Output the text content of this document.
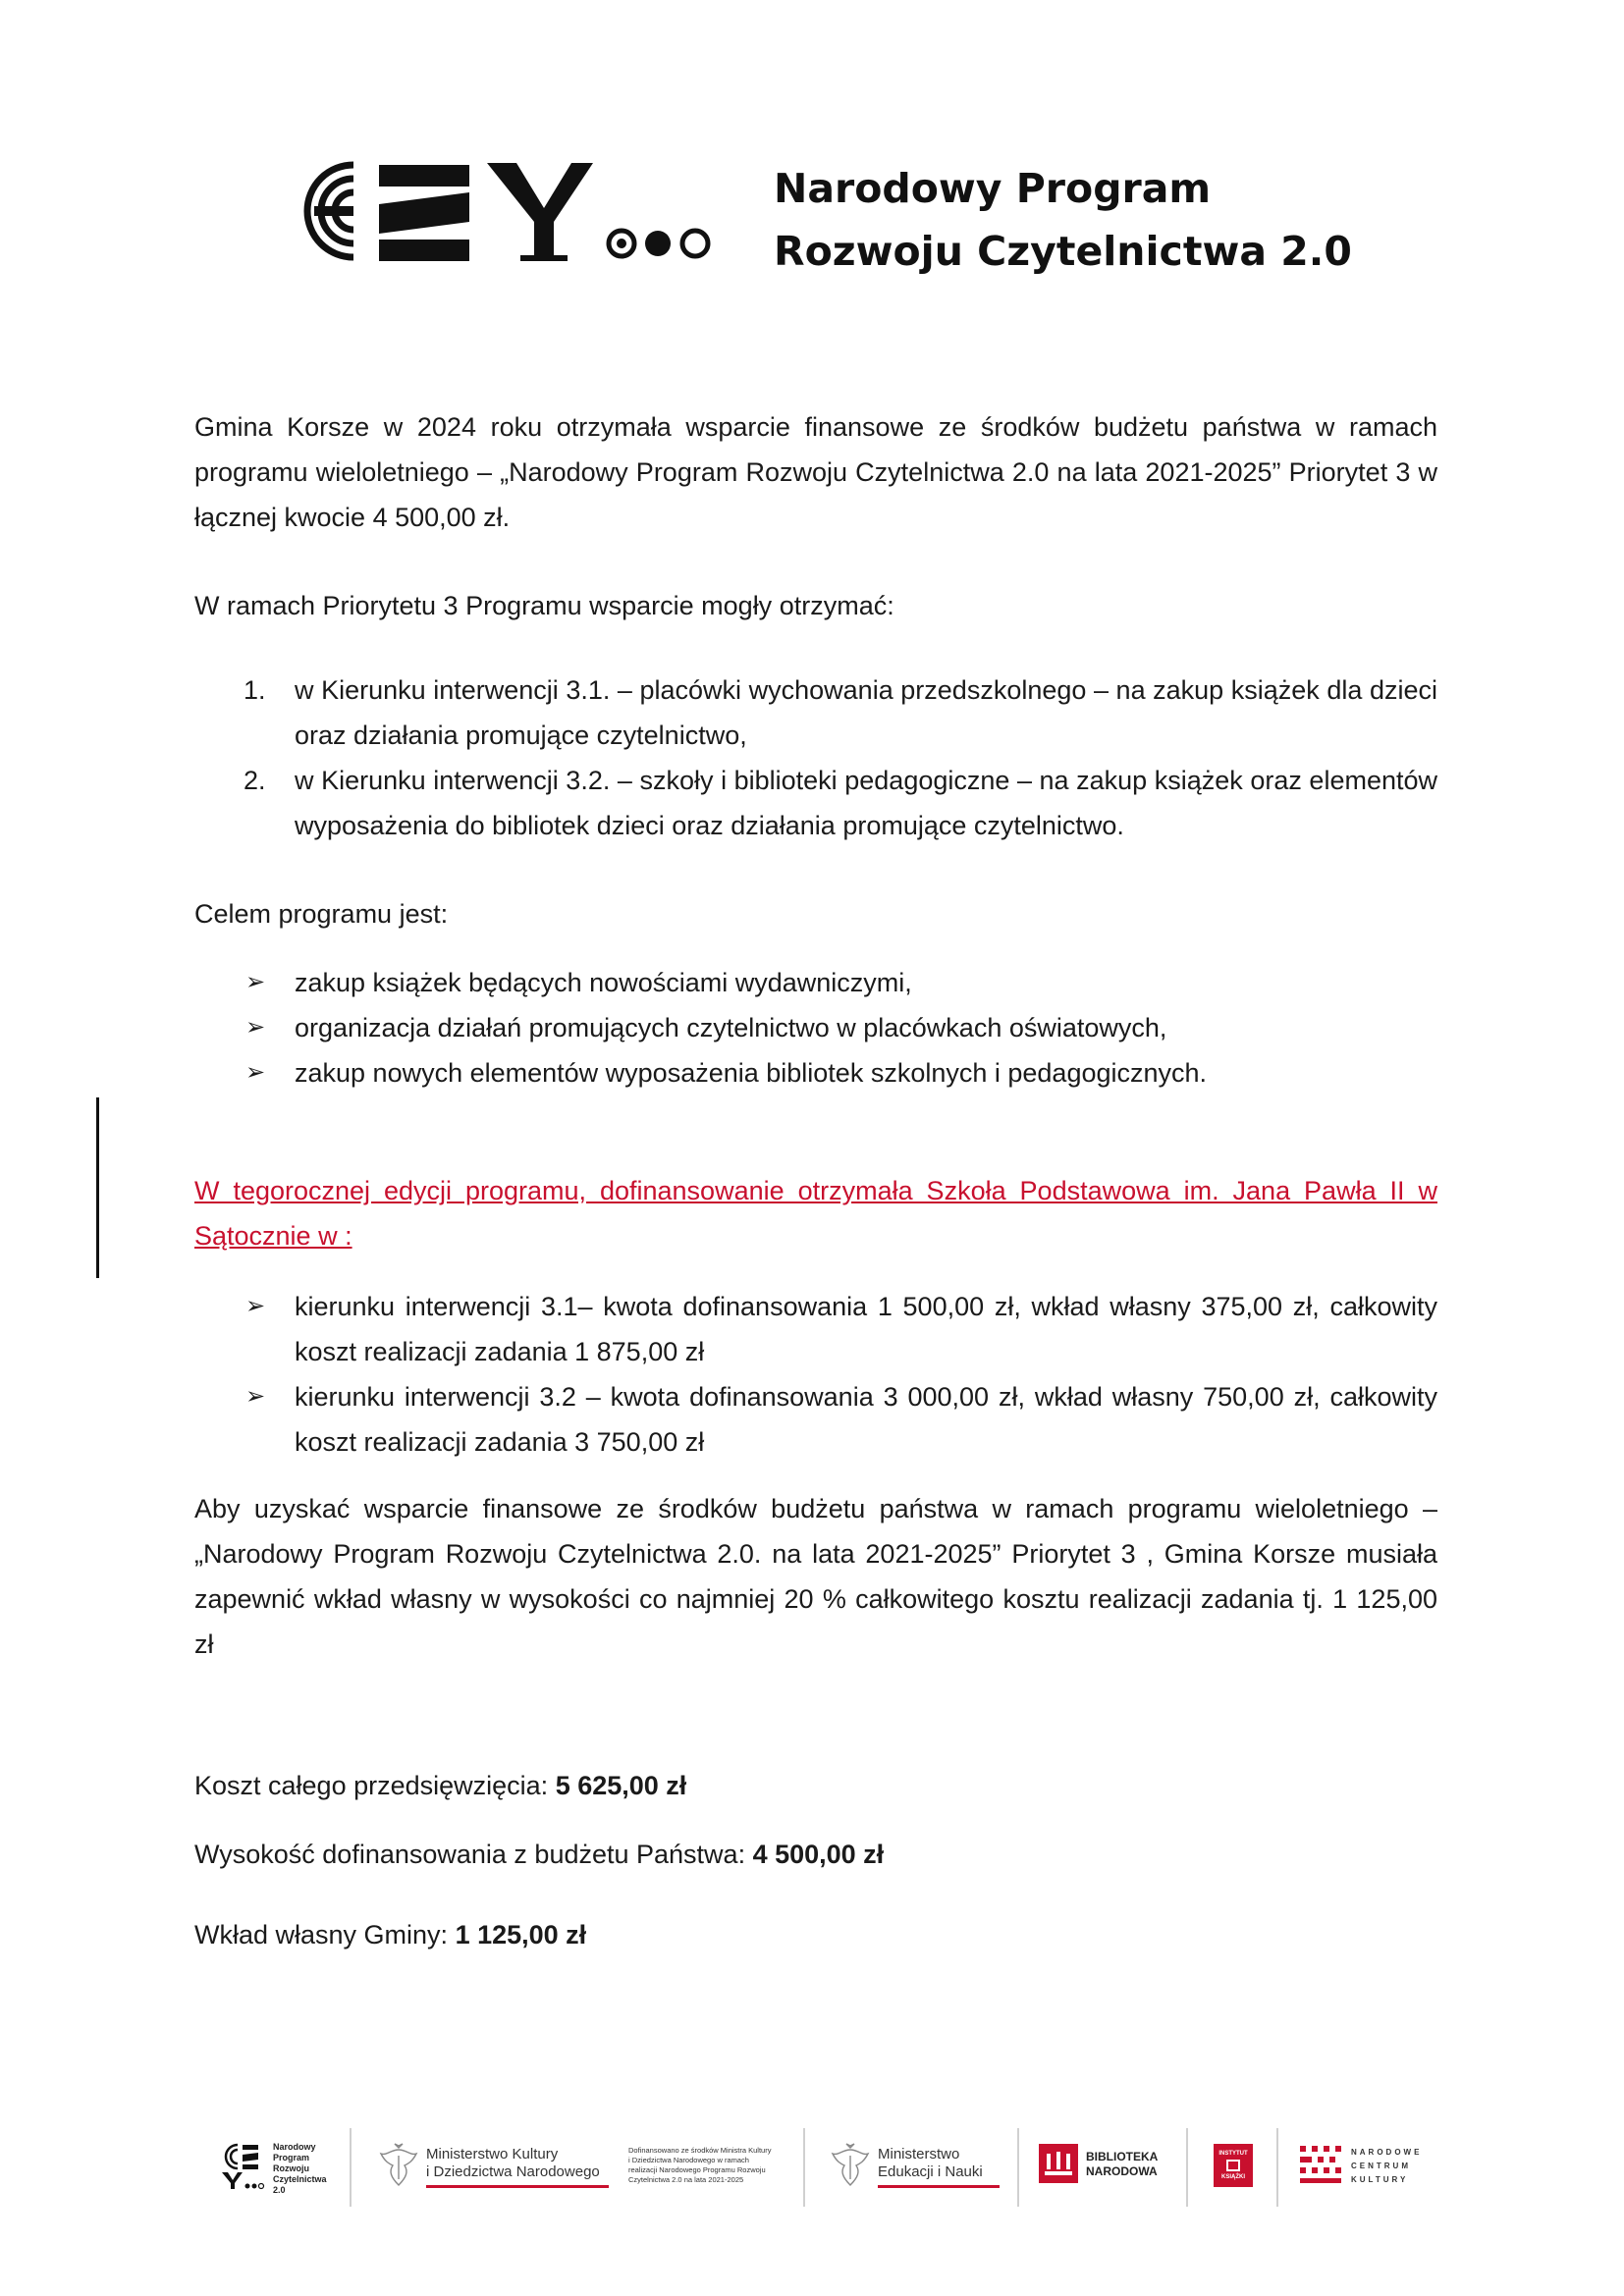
Narodowy Program
Rozwoju Czytelnictwa 2.0

Gmina Korsze w 2024 roku otrzymała wsparcie finansowe ze środków budżetu państwa w ramach programu wieloletniego – „Narodowy Program Rozwoju Czytelnictwa 2.0 na lata 2021-2025” Priorytet 3 w łącznej kwocie 4 500,00 zł.

W ramach Priorytetu 3 Programu wsparcie mogły otrzymać:

1. w Kierunku interwencji 3.1. – placówki wychowania przedszkolnego – na zakup książek dla dzieci oraz działania promujące czytelnictwo,
2. w Kierunku interwencji 3.2. – szkoły i biblioteki pedagogiczne – na zakup książek oraz elementów wyposażenia do bibliotek dzieci oraz działania promujące czytelnictwo.

Celem programu jest:

➢ zakup książek będących nowościami wydawniczymi,
➢ organizacja działań promujących czytelnictwo w placówkach oświatowych,
➢ zakup nowych elementów wyposażenia bibliotek szkolnych i pedagogicznych.

W tegorocznej edycji programu, dofinansowanie otrzymała Szkoła Podstawowa im. Jana Pawła II w Sątocznie w :

➢ kierunku interwencji 3.1– kwota dofinansowania 1 500,00 zł, wkład własny 375,00 zł, całkowity koszt realizacji zadania 1 875,00 zł
➢ kierunku interwencji 3.2 – kwota dofinansowania 3 000,00 zł, wkład własny 750,00 zł, całkowity koszt realizacji zadania 3 750,00 zł

Aby uzyskać wsparcie finansowe ze środków budżetu państwa w ramach programu wieloletniego – „Narodowy Program Rozwoju Czytelnictwa 2.0. na lata 2021-2025” Priorytet 3 , Gmina Korsze musiała zapewnić wkład własny w wysokości co najmniej 20 % całkowitego kosztu realizacji zadania tj. 1 125,00 zł

Koszt całego przedsięwzięcia: 5 625,00 zł
Wysokość dofinansowania z budżetu Państwa: 4 500,00 zł
Wkład własny Gminy: 1 125,00 zł
Narodowy
Program
Rozwoju
Czytelnictwa
2.0
Ministerstwo Kultury
i Dziedzictwa Narodowego
Dofinansowano ze środków Ministra Kultury
i Dziedzictwa Narodowego w ramach
realizacji Narodowego Programu Rozwoju
Czytelnictwa 2.0 na lata 2021-2025
Ministerstwo
Edukacji i Nauki
BIBLIOTEKA
NARODOWA
INSTYTUT
KSIĄŻKI
NARODOWE
CENTRUM
KULTURY
